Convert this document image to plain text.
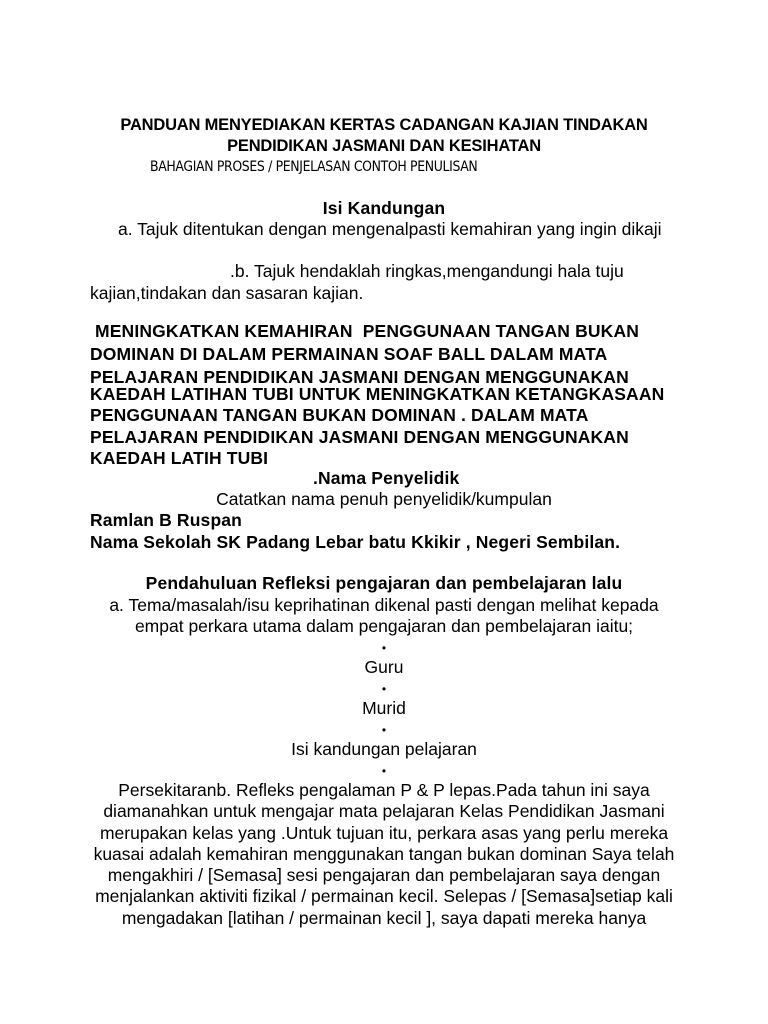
PANDUAN MENYEDIAKAN KERTAS CADANGAN KAJIAN TINDAKAN
PENDIDIKAN JASMANI DAN KESIHATAN
BAHAGIAN PROSES / PENJELASAN CONTOH PENULISAN
Isi Kandungan
a. Tajuk ditentukan dengan mengenalpasti kemahiran yang ingin dikaji
.b. Tajuk hendaklah ringkas,mengandungi hala tuju
kajian,tindakan dan sasaran kajian.
MENINGKATKAN KEMAHIRAN  PENGGUNAAN TANGAN BUKAN
DOMINAN DI DALAM PERMAINAN SOAF BALL DALAM MATA
PELAJARAN PENDIDIKAN JASMANI DENGAN MENGGUNAKAN
KAEDAH LATIHAN TUBI UNTUK MENINGKATKAN KETANGKASAAN
PENGGUNAAN TANGAN BUKAN DOMINAN . DALAM MATA
PELAJARAN PENDIDIKAN JASMANI DENGAN MENGGUNAKAN
KAEDAH LATIH TUBI
.Nama Penyelidik
Catatkan nama penuh penyelidik/kumpulan
Ramlan B Ruspan
Nama Sekolah SK Padang Lebar batu Kkikir , Negeri Sembilan.
Pendahuluan Refleksi pengajaran dan pembelajaran lalu
a. Tema/masalah/isu keprihatinan dikenal pasti dengan melihat kepada
empat perkara utama dalam pengajaran dan pembelajaran iaitu;
•
Guru
•
Murid
•
Isi kandungan pelajaran
•
Persekitaranb. Refleks pengalaman P & P lepas.Pada tahun ini saya
diamanahkan untuk mengajar mata pelajaran Kelas Pendidikan Jasmani
merupakan kelas yang .Untuk tujuan itu, perkara asas yang perlu mereka
kuasai adalah kemahiran menggunakan tangan bukan dominan Saya telah
mengakhiri / [Semasa] sesi pengajaran dan pembelajaran saya dengan
menjalankan aktiviti fizikal / permainan kecil. Selepas / [Semasa]setiap kali
mengadakan [latihan / permainan kecil ], saya dapati mereka hanya
